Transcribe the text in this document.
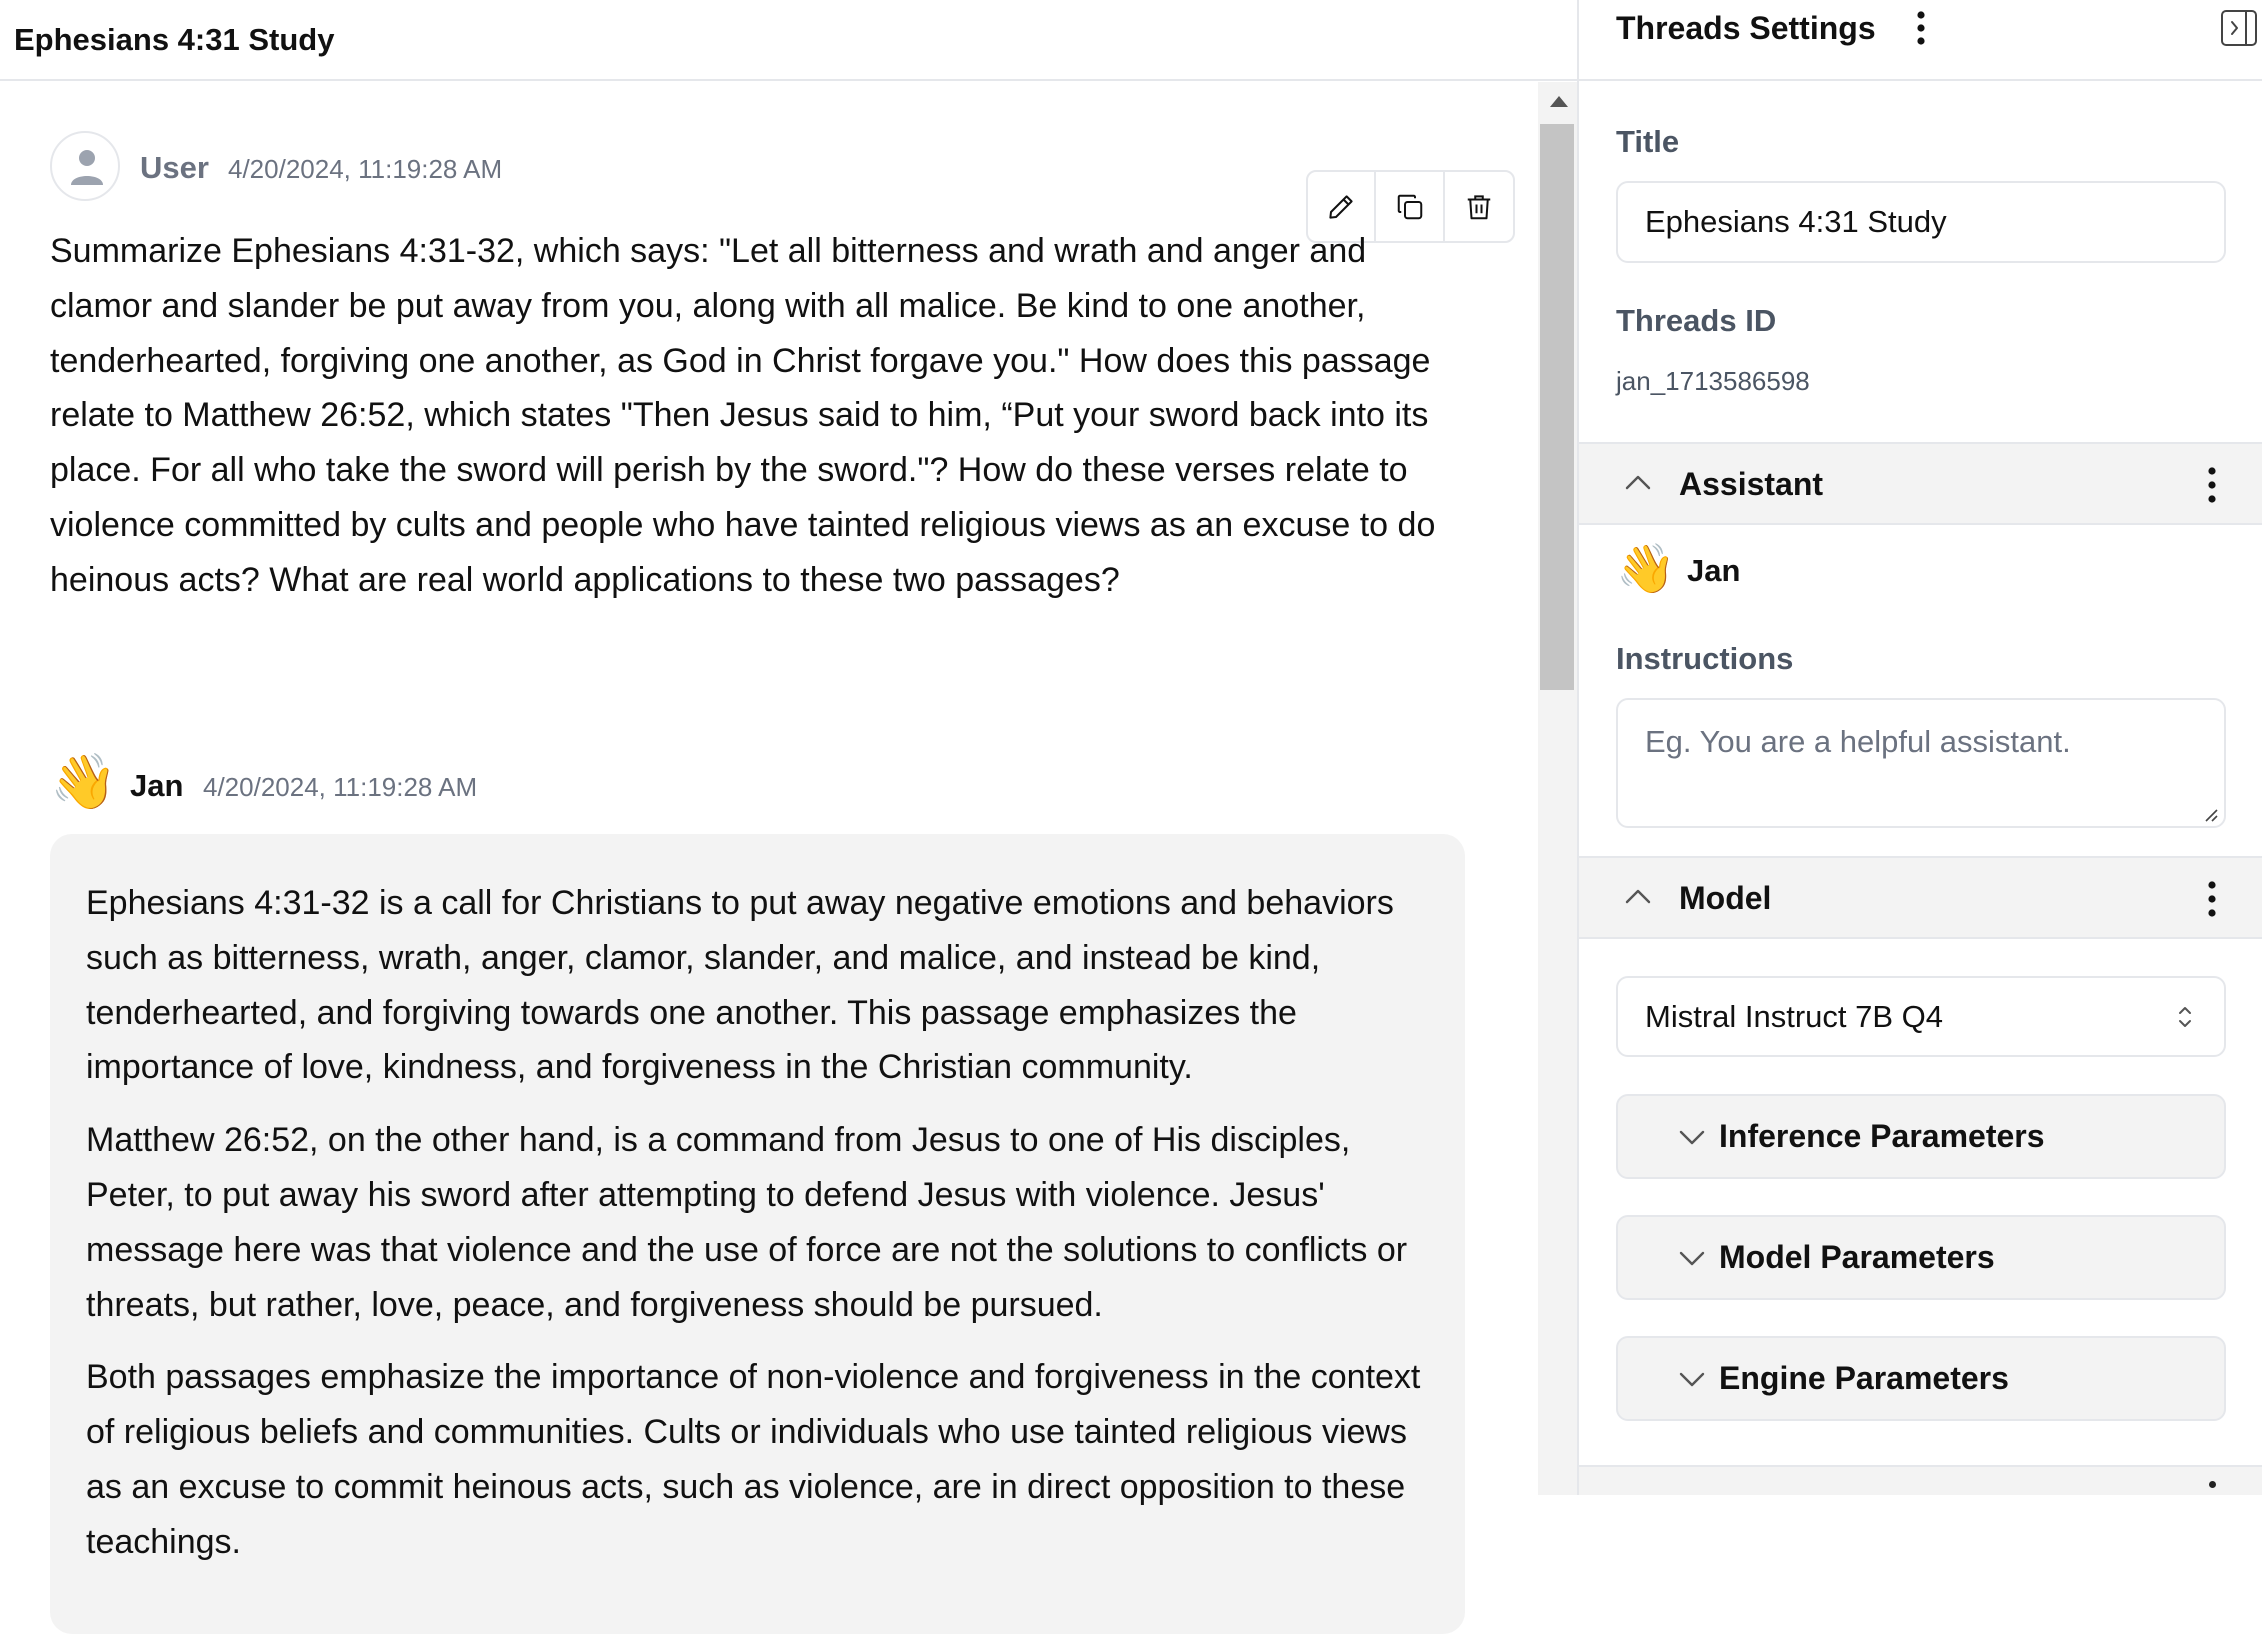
Ephesians 4:31 Study
User 4/20/2024, 11:19:28 AM
Summarize Ephesians 4:31-32, which says: "Let all bitterness and wrath and anger and clamor and slander be put away from you, along with all malice. Be kind to one another, tenderhearted, forgiving one another, as God in Christ forgave you." How does this passage relate to Matthew 26:52, which states "Then Jesus said to him, “Put your sword back into its place. For all who take the sword will perish by the sword."? How do these verses relate to violence committed by cults and people who have tainted religious views as an excuse to do heinous acts? What are real world applications to these two passages?
👋 Jan 4/20/2024, 11:19:28 AM

Ephesians 4:31-32 is a call for Christians to put away negative emotions and behaviors such as bitterness, wrath, anger, clamor, slander, and malice, and instead be kind, tenderhearted, and forgiving towards one another. This passage emphasizes the importance of love, kindness, and forgiveness in the Christian community.

Matthew 26:52, on the other hand, is a command from Jesus to one of His disciples, Peter, to put away his sword after attempting to defend Jesus with violence. Jesus' message here was that violence and the use of force are not the solutions to conflicts or threats, but rather, love, peace, and forgiveness should be pursued.

Both passages emphasize the importance of non-violence and forgiveness in the context of religious beliefs and communities. Cults or individuals who use tainted religious views as an excuse to commit heinous acts, such as violence, are in direct opposition to these teachings.

Threads Settings
Title
Ephesians 4:31 Study
Threads ID
jan_1713586598
Assistant
👋 Jan
Instructions
Eg. You are a helpful assistant.
Model
Mistral Instruct 7B Q4
Inference Parameters
Model Parameters
Engine Parameters
